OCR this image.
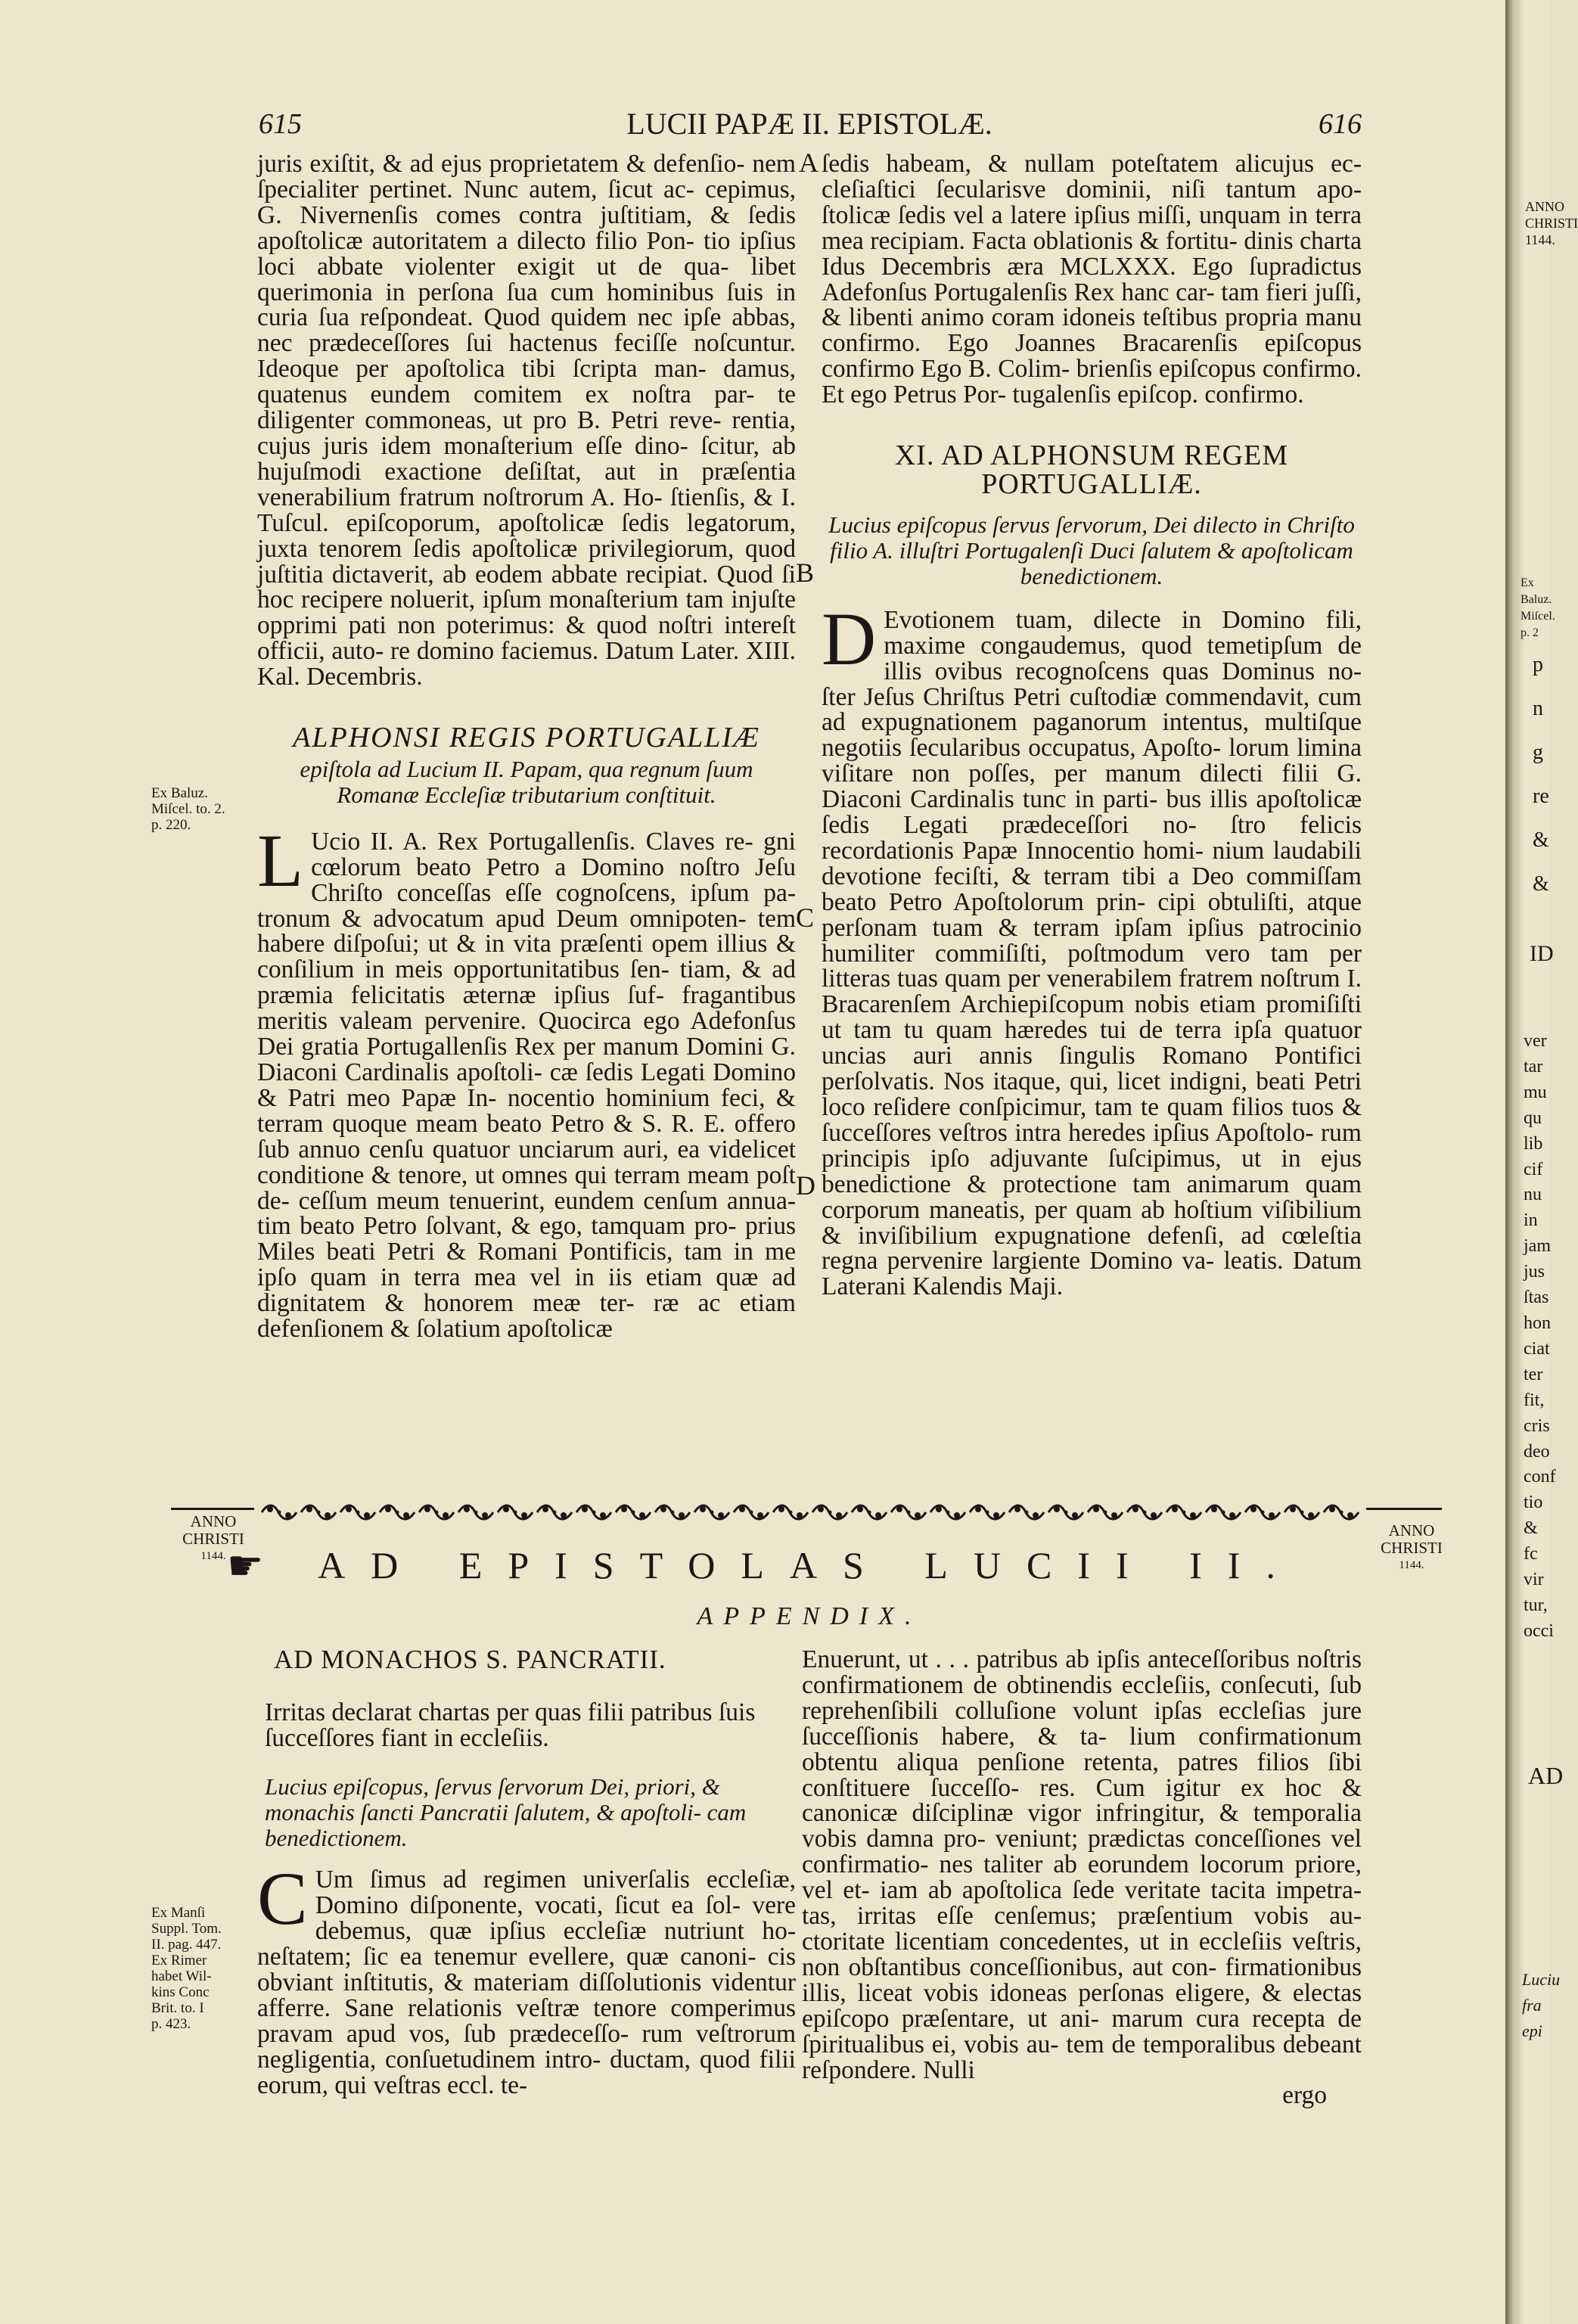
615	LUCII PAPÆ II. EPISTOLÆ.	616

juris exiſtit, & ad ejus proprietatem & defenſio- nem ſpecialiter pertinet. Nunc autem, ſicut ac- cepimus, G. Nivernenſis comes contra juſtitiam, & ſedis apoſtolicæ autoritatem a dilecto filio Pon- tio ipſius loci abbate violenter exigit ut de qua- libet querimonia in perſona ſua cum hominibus ſuis in curia ſua reſpondeat. Quod quidem nec ipſe abbas, nec prædeceſſores ſui hactenus feciſſe noſcuntur. Ideoque per apoſtolica tibi ſcripta man- damus, quatenus eundem comitem ex noſtra par- te diligenter commoneas, ut pro B. Petri reve- rentia, cujus juris idem monaſterium eſſe dino- ſcitur, ab hujuſmodi exactione deſiſtat, aut in præſentia venerabilium fratrum noſtrorum A. Ho- ſtienſis, & I. Tuſcul. epiſcoporum, apoſtolicæ ſedis legatorum, juxta tenorem ſedis apoſtolicæ privilegiorum, quod juſtitia dictaverit, ab eodem abbate recipiat. Quod ſi hoc recipere noluerit, ipſum monaſterium tam injuſte opprimi pati non poterimus: & quod noſtri intereſt officii, auto- re domino faciemus. Datum Later. XIII. Kal. Decembris.

ALPHONSI REGIS PORTUGALLIÆ

epiſtola ad Lucium II. Papam, qua regnum ſuum Romanæ Eccleſiæ tributarium conſtituit.

L Ucio II. A. Rex Portugallenſis. Claves re- gni cœlorum beato Petro a Domino noſtro Jeſu Chriſto conceſſas eſſe cognoſcens, ipſum pa- tronum & advocatum apud Deum omnipoten- tem habere diſpoſui; ut & in vita præſenti opem illius & conſilium in meis opportunitatibus ſen- tiam, & ad præmia felicitatis æternæ ipſius ſuf- fragantibus meritis valeam pervenire. Quocirca ego Adefonſus Dei gratia Portugallenſis Rex per manum Domini G. Diaconi Cardinalis apoſtoli- cæ ſedis Legati Domino & Patri meo Papæ In- nocentio hominium feci, & terram quoque meam beato Petro & S. R. E. offero ſub annuo cenſu quatuor unciarum auri, ea videlicet conditione & tenore, ut omnes qui terram meam poſt de- ceſſum meum tenuerint, eundem cenſum annua- tim beato Petro ſolvant, & ego, tamquam pro- prius Miles beati Petri & Romani Pontificis, tam in me ipſo quam in terra mea vel in iis etiam quæ ad dignitatem & honorem meæ ter- ræ ac etiam defenſionem & ſolatium apoſtolicæ

ſedis habeam, & nullam poteſtatem alicujus ec- cleſiaſtici ſecularisve dominii, niſi tantum apo- ſtolicæ ſedis vel a latere ipſius miſſi, unquam in terra mea recipiam. Facta oblationis & fortitu- dinis charta Idus Decembris æra MCLXXX. Ego ſupradictus Adefonſus Portugalenſis Rex hanc car- tam fieri juſſi, & libenti animo coram idoneis teſtibus propria manu confirmo. Ego Joannes Bracarenſis epiſcopus confirmo Ego B. Colim- brienſis epiſcopus confirmo. Et ego Petrus Por- tugalenſis epiſcop. confirmo.

XI. AD ALPHONSUM REGEM
PORTUGALLIÆ.

Lucius epiſcopus ſervus ſervorum, Dei dilecto in Chriſto filio A. illuſtri Portugalenſi Duci ſalutem & apoſtolicam benedictionem.

D Evotionem tuam, dilecte in Domino fili, maxime congaudemus, quod temetipſum de illis ovibus recognoſcens quas Dominus no- ſter Jeſus Chriſtus Petri cuſtodiæ commendavit, cum ad expugnationem paganorum intentus, multiſque negotiis ſecularibus occupatus, Apoſto- lorum limina viſitare non poſſes, per manum dilecti filii G. Diaconi Cardinalis tunc in parti- bus illis apoſtolicæ ſedis Legati prædeceſſori no- ſtro felicis recordationis Papæ Innocentio homi- nium laudabili devotione feciſti, & terram tibi a Deo commiſſam beato Petro Apoſtolorum prin- cipi obtuliſti, atque perſonam tuam & terram ipſam ipſius patrocinio humiliter commiſiſti, poſtmodum vero tam per litteras tuas quam per venerabilem fratrem noſtrum I. Bracarenſem Archiepiſcopum nobis etiam promiſiſti ut tam tu quam hæredes tui de terra ipſa quatuor uncias auri annis ſingulis Romano Pontifici perſolvatis. Nos itaque, qui, licet indigni, beati Petri loco reſidere conſpicimur, tam te quam filios tuos & ſucceſſores veſtros intra heredes ipſius Apoſtolo- rum principis ipſo adjuvante ſuſcipimus, ut in ejus benedictione & protectione tam animarum quam corporum maneatis, per quam ab hoſtium viſibilium & inviſibilium expugnatione defenſi, ad cœleſtia regna pervenire largiente Domino va- leatis. Datum Laterani Kalendis Maji.

Ex Baluz.
Miſcel. to. 2.
p. 220.
A
B
C
D
ANNO
CHRISTI
1144.
ANNO
CHRISTI
1144.
☛	AD EPISTOLAS LUCII II.
APPENDIX.
AD MONACHOS S. PANCRATII.

Irritas declarat chartas per quas filii patribus ſuis ſucceſſores fiant in eccleſiis.

Lucius epiſcopus, ſervus ſervorum Dei, priori, & monachis ſancti Pancratii ſalutem, & apoſtoli- cam benedictionem.

C Um ſimus ad regimen univerſalis eccleſiæ, Domino diſponente, vocati, ſicut ea ſol- vere debemus, quæ ipſius eccleſiæ nutriunt ho- neſtatem; ſic ea tenemur evellere, quæ canoni- cis obviant inſtitutis, & materiam diſſolutionis videntur afferre. Sane relationis veſtræ tenore comperimus pravam apud vos, ſub prædeceſſo- rum veſtrorum negligentia, conſuetudinem intro- ductam, quod filii eorum, qui veſtras eccl. te-

Enuerunt, ut . . . patribus ab ipſis anteceſſoribus noſtris confirmationem de obtinendis eccleſiis, conſecuti, ſub reprehenſibili colluſione volunt ipſas eccleſias jure ſucceſſionis habere, & ta- lium confirmationum obtentu aliqua penſione retenta, patres filios ſibi conſtituere ſucceſſo- res. Cum igitur ex hoc & canonicæ diſciplinæ vigor infringitur, & temporalia vobis damna pro- veniunt; prædictas conceſſiones vel confirmatio- nes taliter ab eorundem locorum priore, vel et- iam ab apoſtolica ſede veritate tacita impetra- tas, irritas eſſe cenſemus; præſentium vobis au- ctoritate licentiam concedentes, ut in eccleſiis veſtris, non obſtantibus conceſſionibus, aut con- firmationibus illis, liceat vobis idoneas perſonas eligere, & electas epiſcopo præſentare, ut ani- marum cura recepta de ſpiritualibus ei, vobis au- tem de temporalibus debeant reſpondere. Nulli

ergo
Ex Manſi
Suppl. Tom.
II. pag. 447.
Ex Rimer
habet Wil-
kins Conc
Brit. to. I
p. 423.
ANNO
CHRISTI
1144.
Ex Baluz.
Miſcel.
p. 2
p
n
g
re
&
&
ID
ver
tar
mu
qu
lib
cif
nu
in
jam
jus
ſtas
hon
ciat
ter
fit,
cris
deo
conf
tio
& fc
vir
tur,
occi
AD
Luciu
fra
epi
